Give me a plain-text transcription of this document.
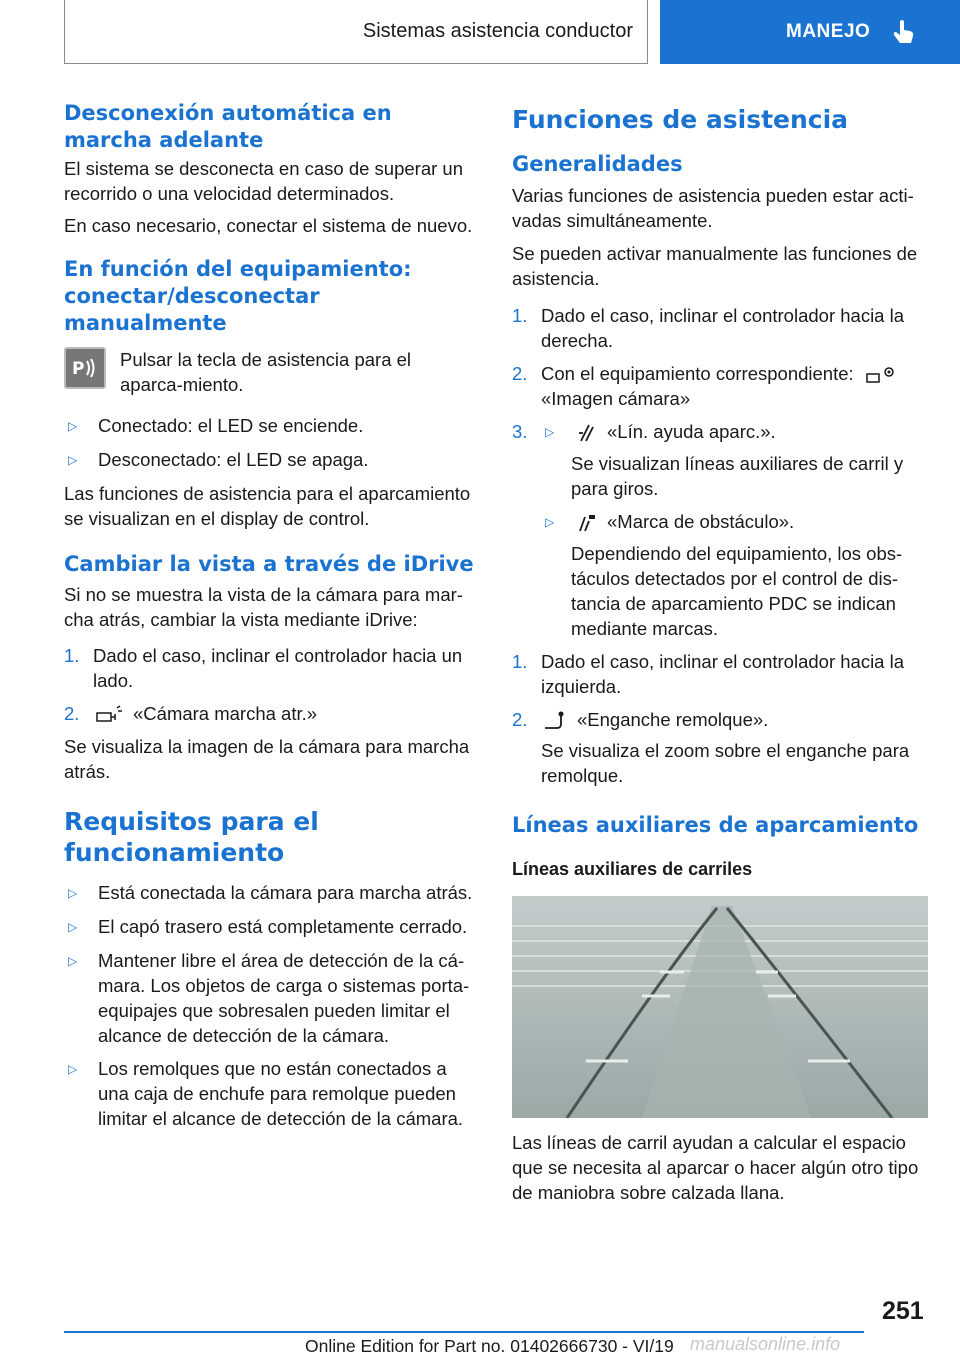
Sistemas asistencia conductor	MANEJO
Desconexión automática en marcha adelante

El sistema se desconecta en caso de superar un recorrido o una velocidad determinados.

En caso necesario, conectar el sistema de nuevo.

En función del equipamiento: conectar/desconectar manualmente
P Pulsar la tecla de asistencia para el aparca-miento.

▷	Conectado: el LED se enciende.
▷	Desconectado: el LED se apaga.

Las funciones de asistencia para el aparcamiento se visualizan en el display de control.

Cambiar la vista a través de iDrive

Si no se muestra la vista de la cámara para mar-cha atrás, cambiar la vista mediante iDrive:

1. Dado el caso, inclinar el controlador hacia un lado.
2.	«Cámara marcha atr.»

Se visualiza la imagen de la cámara para marcha atrás.

Requisitos para el funcionamiento
▷	Está conectada la cámara para marcha atrás.
▷	El capó trasero está completamente cerrado.
▷	Mantener libre el área de detección de la cá-mara. Los objetos de carga o sistemas porta-equipajes que sobresalen pueden limitar el alcance de detección de la cámara.
▷	Los remolques que no están conectados a una caja de enchufe para remolque pueden limitar el alcance de detección de la cámara.
Funciones de asistencia
Generalidades

Varias funciones de asistencia pueden estar acti-vadas simultáneamente.

Se pueden activar manualmente las funciones de asistencia.

1. Dado el caso, inclinar el controlador hacia la derecha.
2. Con el equipamiento correspondiente:
«Imagen cámara»
3.	▷	«Lín. ayuda aparc.».

Se visualizan líneas auxiliares de carril y para giros.

▷	«Marca de obstáculo».

Dependiendo del equipamiento, los obs-táculos detectados por el control de dis-tancia de aparcamiento PDC se indican mediante marcas.

1. Dado el caso, inclinar el controlador hacia la izquierda.
2.	«Enganche remolque».

Se visualiza el zoom sobre el enganche para remolque.

Líneas auxiliares de aparcamiento
Líneas auxiliares de carriles

Las líneas de carril ayudan a calcular el espacio que se necesita al aparcar o hacer algún otro tipo de maniobra sobre calzada llana.

251
Online Edition for Part no. 01402666730 - VI/19 manualsonline.info
